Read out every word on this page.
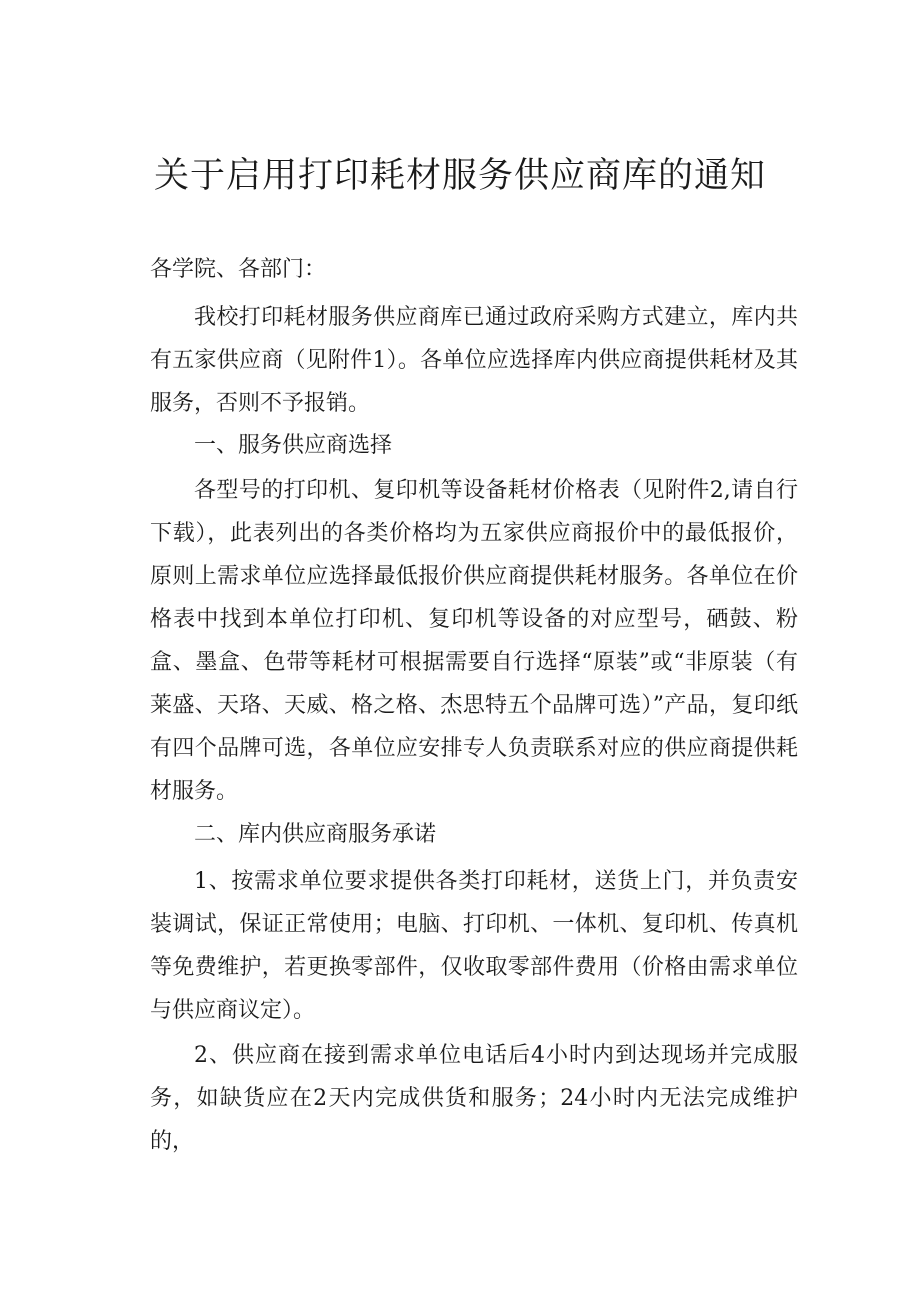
关于启用打印耗材服务供应商库的通知
各学院、各部门：

我校打印耗材服务供应商库已通过政府采购方式建立，库内共有五家供应商（见附件1）。各单位应选择库内供应商提供耗材及其服务，否则不予报销。

一、服务供应商选择

各型号的打印机、复印机等设备耗材价格表（见附件2,请自行下载），此表列出的各类价格均为五家供应商报价中的最低报价，原则上需求单位应选择最低报价供应商提供耗材服务。各单位在价格表中找到本单位打印机、复印机等设备的对应型号，硒鼓、粉盒、墨盒、色带等耗材可根据需要自行选择“原装”或“非原装（有莱盛、天珞、天威、格之格、杰思特五个品牌可选）”产品，复印纸有四个品牌可选，各单位应安排专人负责联系对应的供应商提供耗材服务。

二、库内供应商服务承诺

1、按需求单位要求提供各类打印耗材，送货上门，并负责安装调试，保证正常使用；电脑、打印机、一体机、复印机、传真机等免费维护，若更换零部件，仅收取零部件费用（价格由需求单位与供应商议定）。

2、供应商在接到需求单位电话后4小时内到达现场并完成服务，如缺货应在2天内完成供货和服务；24小时内无法完成维护的，
